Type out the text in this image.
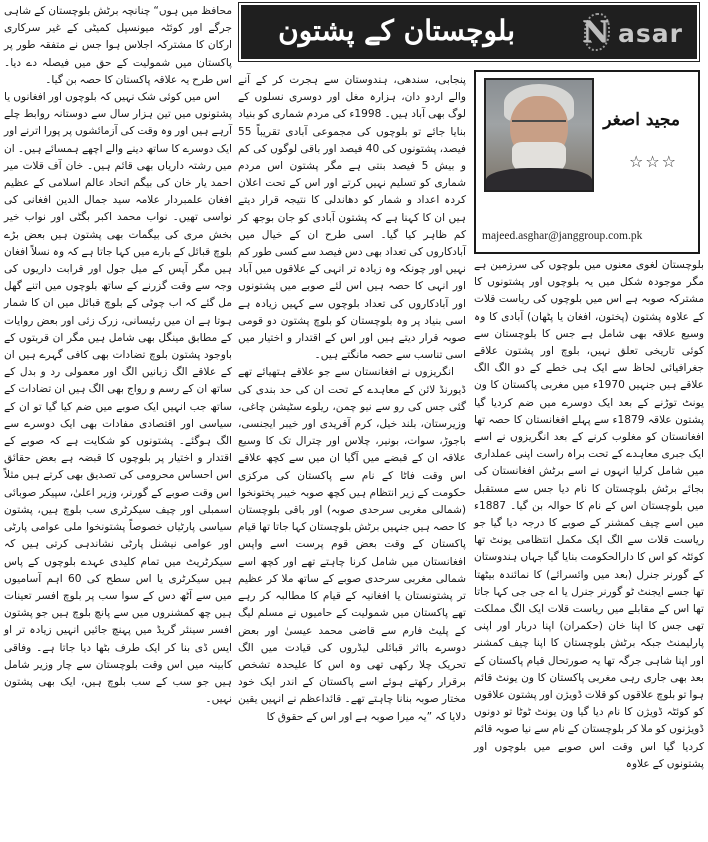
بلوچستان کے پشتون N asar
مجید اصغر
☆☆☆
majeed.asghar@janggroup.com.pk

بلوچستان لغوی معنوں میں بلوچوں کی سرزمین ہے مگر موجودہ شکل میں یہ بلوچوں اور پشتونوں کا مشترکہ صوبہ ہے اس میں بلوچوں کی ریاست قلات کے علاوہ پشتون (پختون، افغان یا پٹھان) آبادی کا وہ وسیع علاقہ بھی شامل ہے جس کا بلوچستان سے کوئی تاریخی تعلق نہیں، بلوچ اور پشتون علاقے جغرافیائی لحاظ سے ایک ہی خطے کے دو الگ الگ علاقے ہیں جنہیں 1970ء میں مغربی پاکستان کا ون یونٹ توڑنے کے بعد ایک دوسرے میں ضم کردیا گیا پشتون علاقہ 1879ء سے پہلے افغانستان کا حصہ تھا افغانستان کو مغلوب کرنے کے بعد انگریزوں نے اسے ایک جبری معاہدے کے تحت براہ راست اپنی عملداری میں شامل کرلیا انہوں نے اسے برٹش افغانستان کی بجائے برٹش بلوچستان کا نام دیا جس سے مستقبل میں بلوچستان اس کے نام کا حوالہ بن گیا۔ 1887ء میں اسے چیف کمشنر کے صوبے کا درجہ دیا گیا جو ریاست قلات سے الگ ایک مکمل انتظامی یونٹ تھا کوئٹہ کو اس کا دارالحکومت بنایا گیا جہاں ہندوستان کے گورنر جنرل (بعد میں وائسرائے) کا نمائندہ بیٹھتا تھا جسے ایجنٹ ٹو گورنر جنرل یا اے جی جی کہا جاتا تھا اس کے مقابلے میں ریاست قلات ایک الگ مملکت تھی جس کا اپنا خان (حکمران) اپنا دربار اور اپنی پارلیمنٹ جبکہ برٹش بلوچستان کا اپنا چیف کمشنر اور اپنا شاہی جرگہ تھا یہ صورتحال قیام پاکستان کے بعد بھی جاری رہی مغربی پاکستان کا ون یونٹ قائم ہوا تو بلوچ علاقوں کو قلات ڈویژن اور پشتون علاقوں کو کوئٹہ ڈویژن کا نام دیا گیا ون یونٹ ٹوٹا تو دونوں ڈویژنوں کو ملا کر بلوچستان کے نام سے نیا صوبہ قائم کردیا گیا اس وقت اس صوبے میں بلوچوں اور پشتونوں کے علاوہ

پنجابی، سندھی، ہندوستان سے ہجرت کر کے آنے والے اردو دان، ہزارہ مغل اور دوسری نسلوں کے لوگ بھی آباد ہیں۔ 1998ء کی مردم شماری کو بنیاد بنایا جائے تو بلوچوں کی مجموعی آبادی تقریباً 55 فیصد، پشتونوں کی 40 فیصد اور باقی لوگوں کی کم و بیش 5 فیصد بنتی ہے مگر پشتون اس مردم شماری کو تسلیم نہیں کرتے اور اس کے تحت اعلان کردہ اعداد و شمار کو دھاندلی کا نتیجہ قرار دیتے ہیں ان کا کہنا ہے کہ پشتون آبادی کو جان بوجھ کر کم ظاہر کیا گیا۔ اسی طرح ان کے خیال میں آبادکاروں کی تعداد بھی دس فیصد سے کسی طور کم نہیں اور چونکہ وہ زیادہ تر انہی کے علاقوں میں آباد اور انہی کا حصہ ہیں اس لئے صوبے میں پشتونوں اور آبادکاروں کی تعداد بلوچوں سے کہیں زیادہ ہے اسی بنیاد پر وہ بلوچستان کو بلوچ پشتون دو قومی صوبہ قرار دیتے ہیں اور اس کے اقتدار و اختیار میں اسی تناسب سے حصہ مانگتے ہیں۔

انگریزوں نے افغانستان سے جو علاقے ہتھیائے تھے ڈیورنڈ لائن کے معاہدے کے تحت ان کی حد بندی کی گئی جس کی رو سے نیو چمن، ریلوے سٹیشن چاغی، وزیرستان، بلند خیل، کرم آفریدی اور خیبر ایجنسی، باجوڑ، سوات، بونیر، چلاس اور چترال تک کا وسیع علاقہ ان کے قبضے میں آگیا ان میں سے کچھ علاقے اس وقت فاٹا کے نام سے پاکستان کی مرکزی حکومت کے زیر انتظام ہیں کچھ صوبہ خیبر پختونخوا (شمالی مغربی سرحدی صوبہ) اور باقی بلوچستان کا حصہ ہیں جنہیں برٹش بلوچستان کہا جاتا تھا قیام پاکستان کے وقت بعض قوم پرست اسے واپس افغانستان میں شامل کرنا چاہتے تھے اور کچھ اسے شمالی مغربی سرحدی صوبے کے ساتھ ملا کر عظیم تر پشتونستان یا افغانیہ کے قیام کا مطالبہ کر رہے تھے پاکستان میں شمولیت کے حامیوں نے مسلم لیگ کے پلیٹ فارم سے قاضی محمد عیسیٰ اور بعض دوسرے بااثر قبائلی لیڈروں کی قیادت میں الگ تحریک چلا رکھی تھی وہ اس کا علیحدہ تشخص برقرار رکھتے ہوئے اسے پاکستان کے اندر ایک خود مختار صوبہ بنانا چاہتے تھے۔ قائداعظم نے انہیں یقین دلایا کہ ”یہ میرا صوبہ ہے اور اس کے حقوق کا

محافظ میں ہوں“ چنانچہ برٹش بلوچستان کے شاہی جرگے اور کوئٹہ میونسپل کمیٹی کے غیر سرکاری ارکان کا مشترکہ اجلاس ہوا جس نے متفقہ طور پر پاکستان میں شمولیت کے حق میں فیصلہ دے دیا۔ اس طرح یہ علاقہ پاکستان کا حصہ بن گیا۔

اس میں کوئی شک نہیں کہ بلوچوں اور افغانوں یا پشتونوں میں تین ہزار سال سے دوستانہ روابط چلے آرہے ہیں اور وہ وقت کی آزمائشوں پر پورا اترنے اور ایک دوسرے کا ساتھ دینے والے اچھے ہمسائے ہیں۔ ان میں رشتہ داریاں بھی قائم ہیں۔ خان آف قلات میر احمد یار خان کی بیگم اتحاد عالم اسلامی کے عظیم افغان علمبردار علامہ سید جمال الدین افغانی کی نواسی تھیں۔ نواب محمد اکبر بگٹی اور نواب خیر بخش مری کی بیگمات بھی پشتون ہیں بعض بڑے بلوچ قبائل کے بارے میں کہا جاتا ہے کہ وہ نسلاً افغان ہیں مگر آپس کے میل جول اور قرابت داریوں کی وجہ سے وقت گزرنے کے ساتھ بلوچوں میں اتنے گھل مل گئے کہ اب چوٹی کے بلوچ قبائل میں ان کا شمار ہوتا ہے ان میں رئیسانی، زرک زئی اور بعض روایات کے مطابق مینگل بھی شامل ہیں مگر ان قربتوں کے باوجود پشتون بلوچ تضادات بھی کافی گہرے ہیں ان کے علاقے الگ زبانیں الگ اور معمولی رد و بدل کے ساتھ ان کے رسم و رواج بھی الگ ہیں ان تضادات کے ساتھ جب انہیں ایک صوبے میں ضم کیا گیا تو ان کے سیاسی اور اقتصادی مفادات بھی ایک دوسرے سے الگ ہوگئے۔ پشتونوں کو شکایت ہے کہ صوبے کے اقتدار و اختیار پر بلوچوں کا قبضہ ہے بعض حقائق اس احساس محرومی کی تصدیق بھی کرتے ہیں مثلاً اس وقت صوبے کے گورنر، وزیر اعلیٰ، سپیکر صوبائی اسمبلی اور چیف سیکرٹری سب بلوچ ہیں، پشتون سیاسی پارٹیاں خصوصاً پشتونخوا ملی عوامی پارٹی اور عوامی نیشنل پارٹی نشاندہی کرتی ہیں کہ سیکرٹریٹ میں تمام کلیدی عہدے بلوچوں کے پاس ہیں سیکرٹری یا اس سطح کی 60 اہم آسامیوں میں سے آٹھ دس کے سوا سب پر بلوچ افسر تعینات ہیں چھ کمشنروں میں سے پانچ بلوچ ہیں جو پشتون افسر سینئر گریڈ میں پہنچ جائیں انہیں زیادہ تر او ایس ڈی بنا کر ایک طرف بٹھا دیا جاتا ہے۔ وفاقی کابینہ میں اس وقت بلوچستان سے چار وزیر شامل ہیں جو سب کے سب بلوچ ہیں، ایک بھی پشتون نہیں۔
